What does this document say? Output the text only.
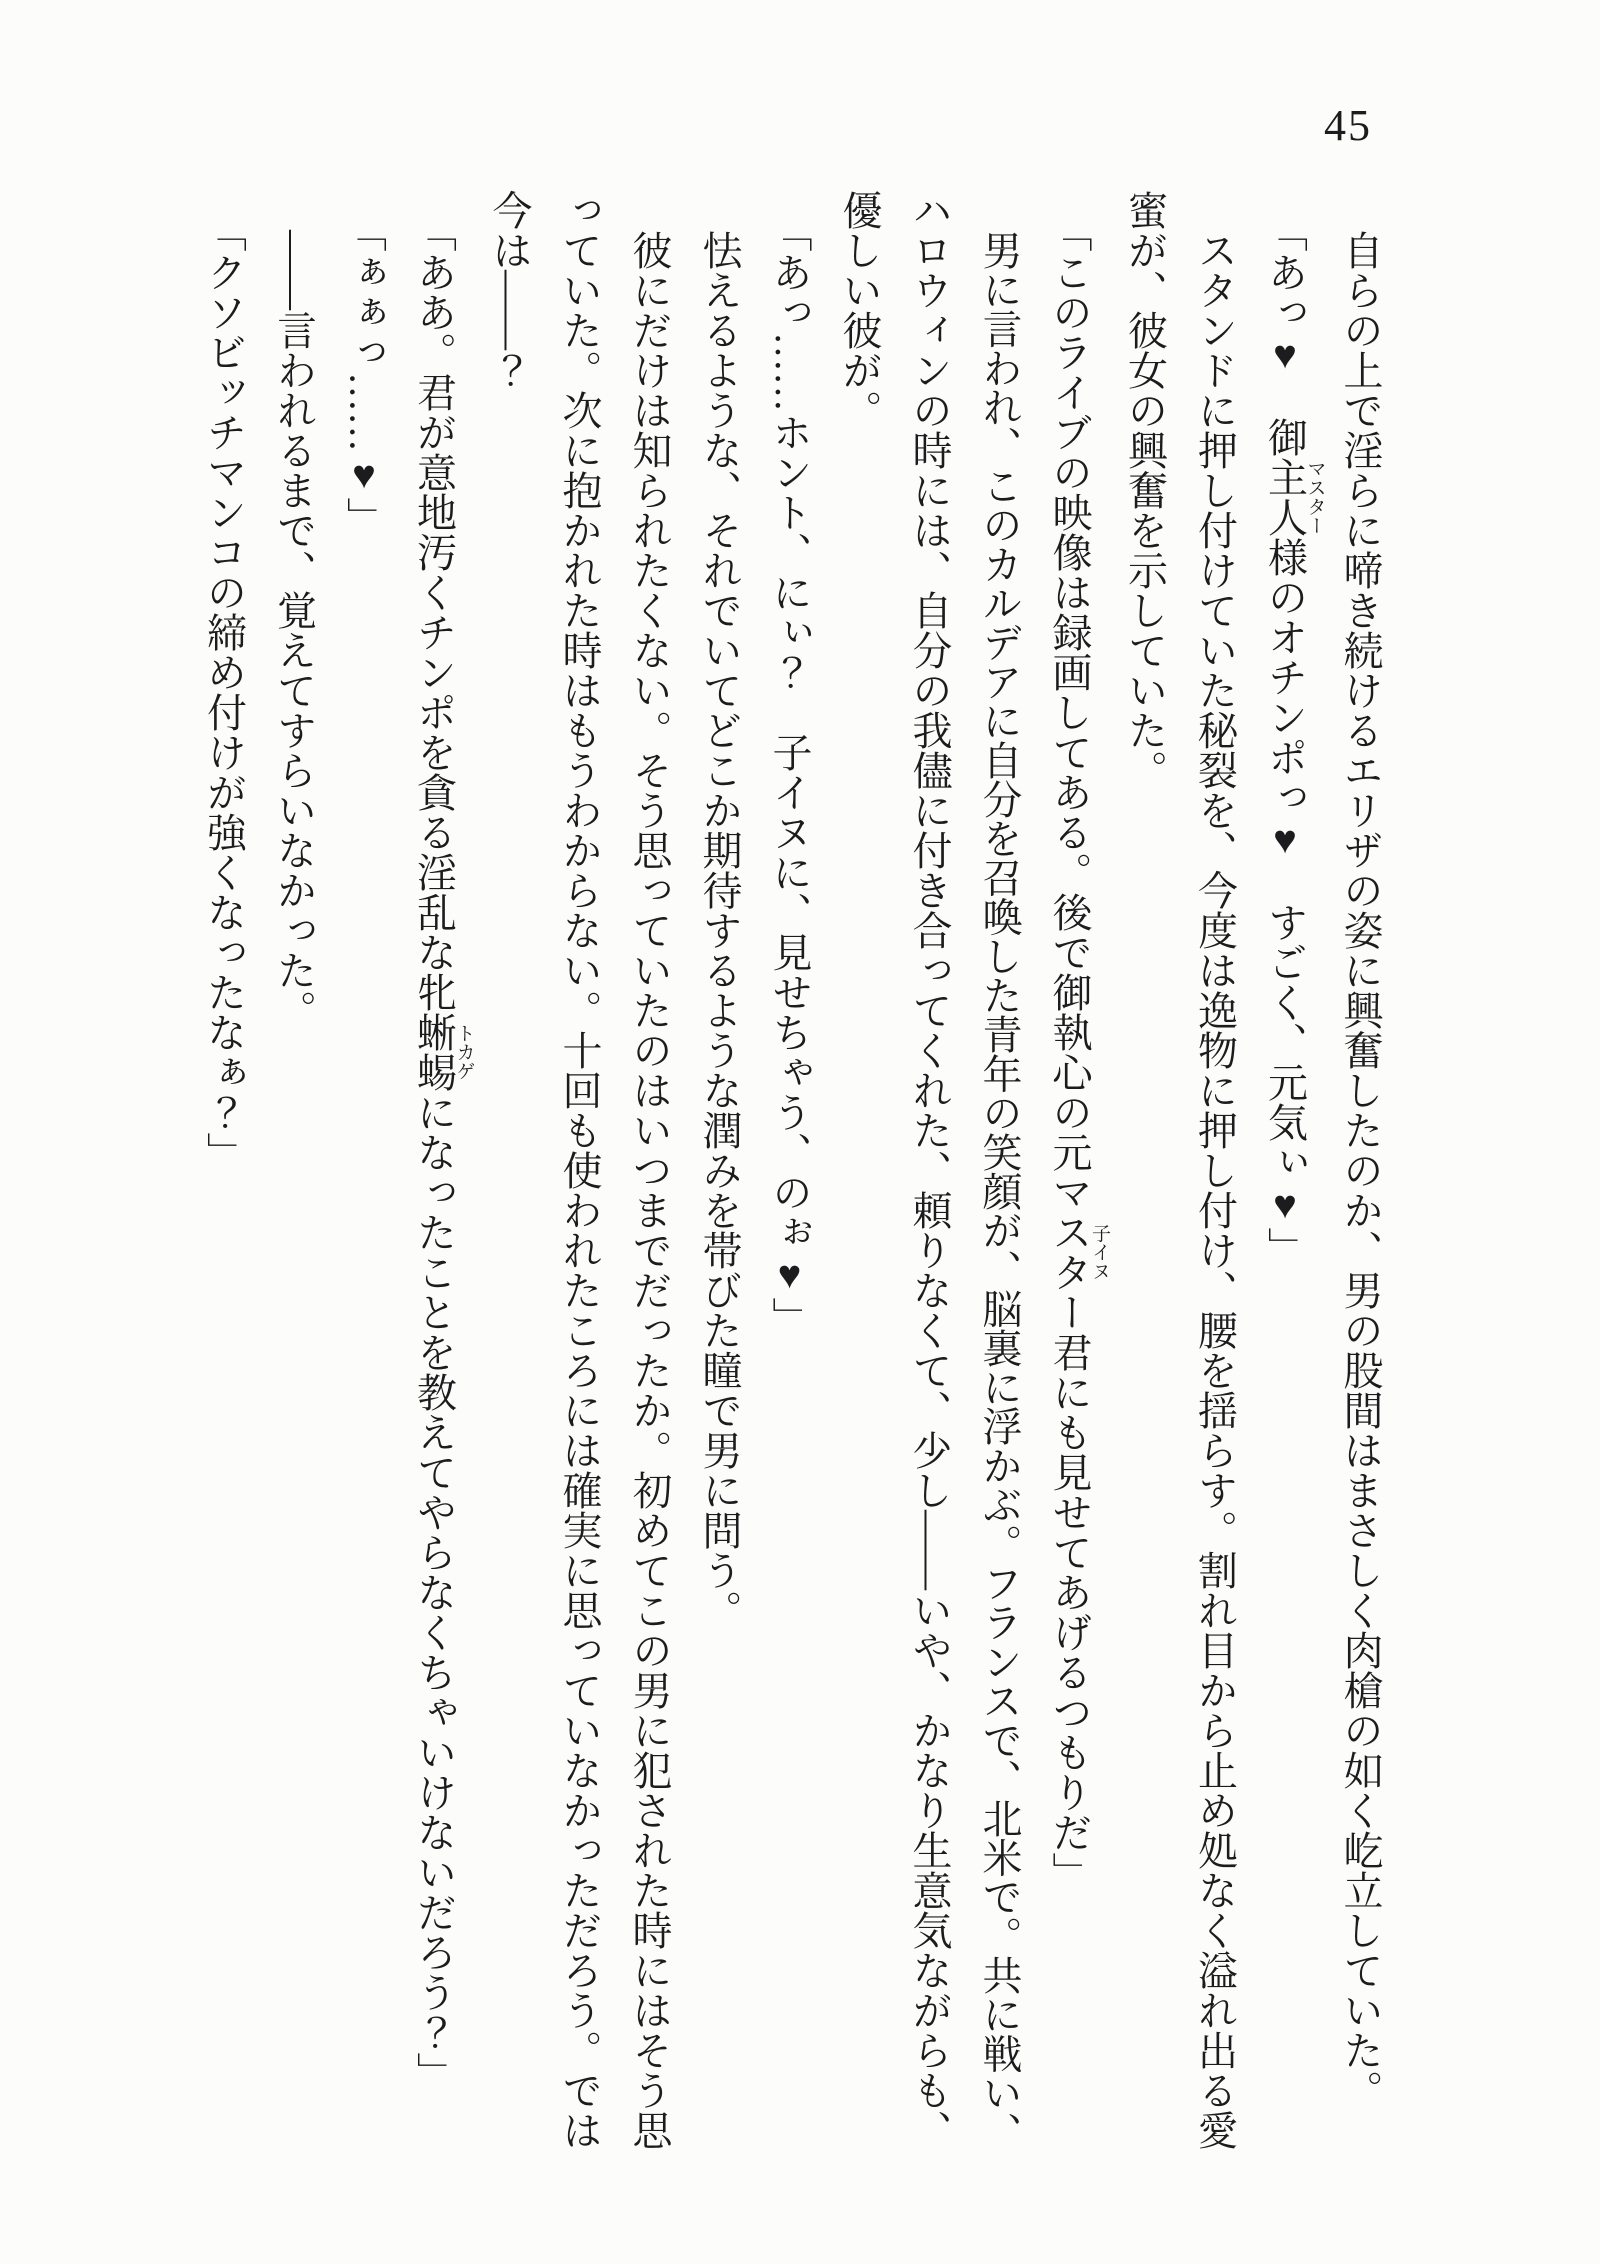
45

自らの上で淫らに啼き続けるエリザの姿に興奮したのか、男の股間はまさしく肉槍の如く屹立していた。

「あっ♥　御主人様マスターのオチンポっ♥　すごく、元気ぃ♥」

スタンドに押し付けていた秘裂を、今度は逸物に押し付け、腰を揺らす。割れ目から止め処なく溢れ出る愛
蜜が、彼女の興奮を示していた。

「このライブの映像は録画してある。後で御執心の元マスター子イヌ君にも見せてあげるつもりだ」

男に言われ、このカルデアに自分を召喚した青年の笑顔が、脳裏に浮かぶ。フランスで、北米で。共に戦い、
ハロウィンの時には、自分の我儘に付き合ってくれた、頼りなくて、少し――いや、かなり生意気ながらも、
優しい彼が。

「あっ……ホント、にぃ？　子イヌに、見せちゃう、のぉ♥」

怯えるような、それでいてどこか期待するような潤みを帯びた瞳で男に問う。

彼にだけは知られたくない。そう思っていたのはいつまでだったか。初めてこの男に犯された時にはそう思
っていた。次に抱かれた時はもうわからない。十回も使われたころには確実に思っていなかっただろう。では
今は――？

「ああ。君が意地汚くチンポを貪る淫乱な牝蜥蜴トカゲになったことを教えてやらなくちゃいけないだろう？」

「ぁぁっ……♥」

――言われるまで、覚えてすらいなかった。

「クソビッチマンコの締め付けが強くなったなぁ？」
